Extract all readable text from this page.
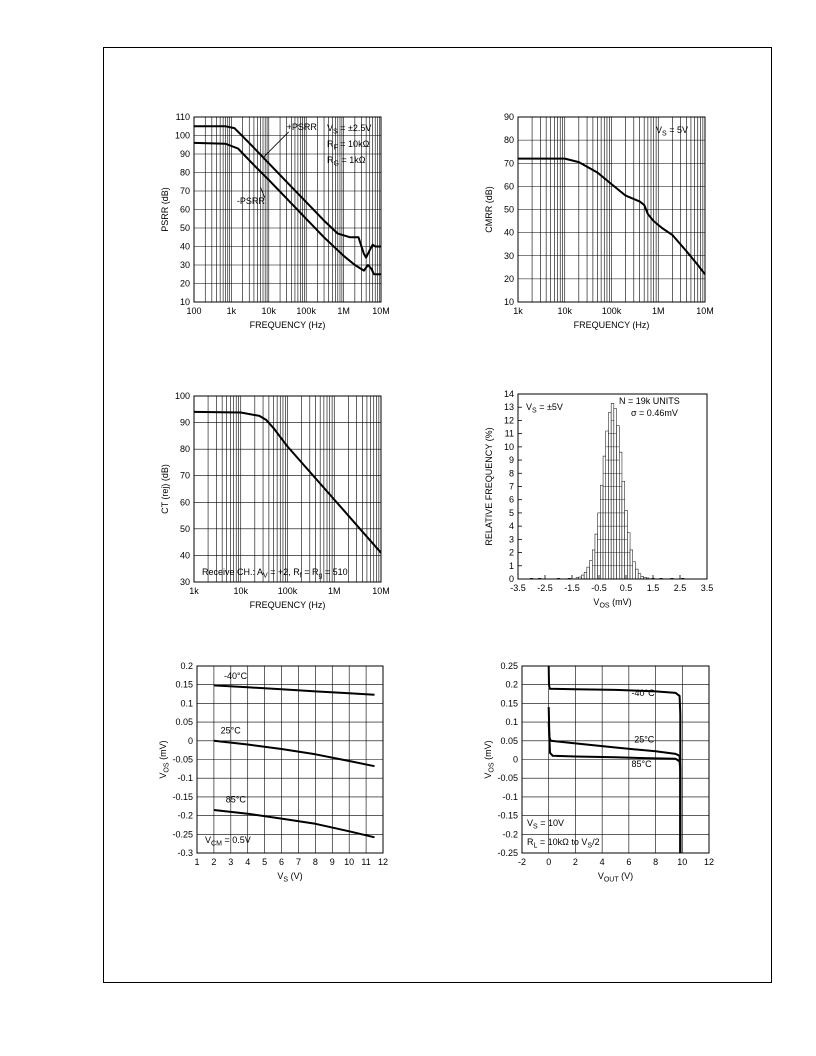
+PSRR
-PSRR
10
20
30
40
50
60
70
80
90
100
110
100	1k	10k 100k 1M 10M
FREQUENCY (Hz)
PSRR (dB)
$V_S = \pm 2.5V$
$R_F = 10k\Omega$
$R_G = 1k\Omega$
10
20
30
40
50
60
70
80
90
1k	10k	100k	1M	10M
FREQUENCY (Hz)
CMRR (dB)
$V_S = 5V$
30
40
50
60
70
80
90
100
1k	10k	100k	1M	10M
FREQUENCY (Hz)
CT (rej) (dB)
Receive CH.: $A_V = +2$, $R_f = R_g = 510$
0
1
2
3
4
5
6
7
8
9
10
11
12
13
14
-3.5 -2.5 -1.5 -0.5 0.5 1.5 2.5 3.5
$V_{OS}$ (mV)
RELATIVE FREQUENCY (%)
$V_S = \pm 5V$
N = 19k UNITS
σ = 0.46mV
-40°C
25°C
85°C
-0.3
-0.25
-0.2
-0.15
-0.1
-0.05
0
0.05
0.1
0.15
0.2
1 2 3 4 5 6 7 8 9 10 11 12
$V_S$ (V)
$V_{OS}$ (mV)
$V_{CM} = 0.5V$
-40°C
25°C
85°C
-0.25
-0.2
-0.15
-0.1
-0.05
0
0.05
0.1
0.15
0.2
0.25
-2 0 2 4 6 8 10 12
$V_{OUT}$ (V)
$V_{OS}$ (mV)
$V_S = 10V$
$R_L = 10k\Omega$ to $V_S/2$
